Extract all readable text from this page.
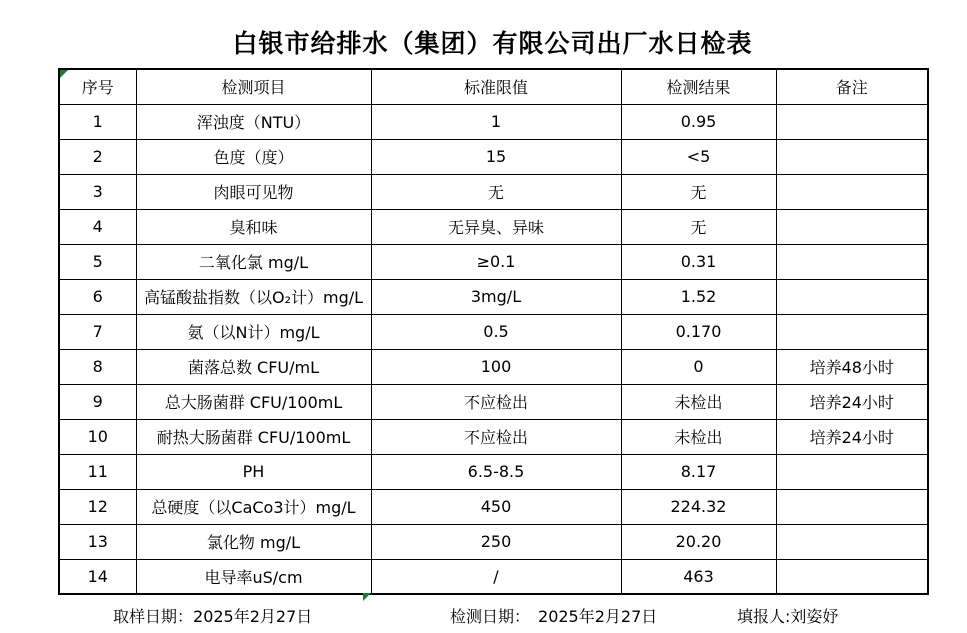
白银市给排水（集团）有限公司出厂水日检表
序号	检测项目	标准限值	检测结果	备注
1	浑浊度（NTU）	1	0.95	
2	色度（度）	15	<5	
3	肉眼可见物	无	无	
4	臭和味	无异臭、异味	无	
5	二氧化氯 mg/L	≥0.1	0.31	
6	高锰酸盐指数（以O₂计）mg/L	3mg/L	1.52	
7	氨（以N计）mg/L	0.5	0.170	
8	菌落总数 CFU/mL	100	0	培养48小时
9	总大肠菌群 CFU/100mL	不应检出	未检出	培养24小时
10	耐热大肠菌群 CFU/100mL	不应检出	未检出	培养24小时
11	PH	6.5-8.5	8.17	
12	总硬度（以CaCo3计）mg/L	450	224.32	
13	氯化物 mg/L	250	20.20	
14	电导率uS/cm	/	463	
取样日期：2025年2月27日	检测日期： 2025年2月27日	填报人:刘姿妤
